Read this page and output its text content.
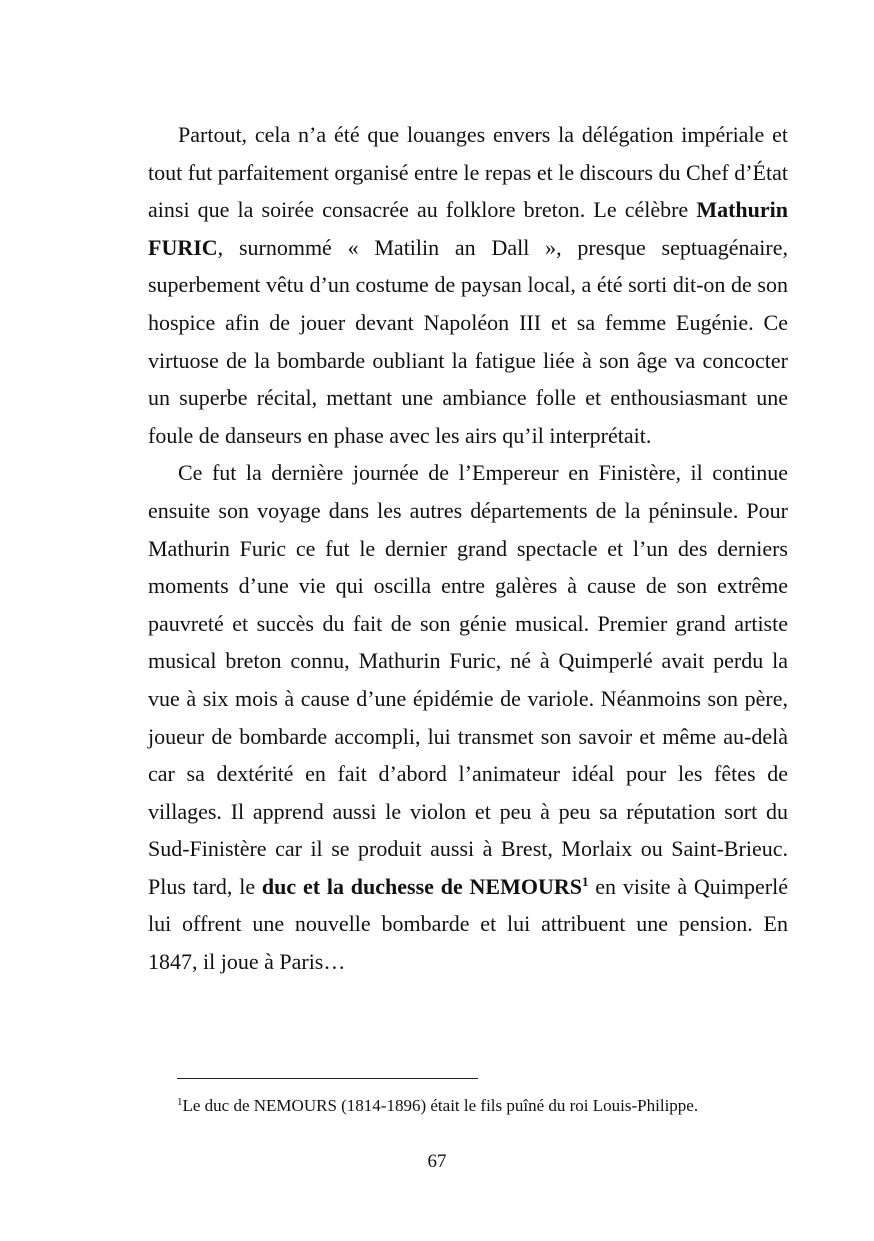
Partout, cela n’a été que louanges envers la délégation impériale et tout fut parfaitement organisé entre le repas et le discours du Chef d’État ainsi que la soirée consacrée au folklore breton. Le célèbre Mathurin FURIC, surnommé « Matilin an Dall », presque septuagénaire, superbement vêtu d’un costume de paysan local, a été sorti dit-on de son hospice afin de jouer devant Napoléon III et sa femme Eugénie. Ce virtuose de la bombarde oubliant la fatigue liée à son âge va concocter un superbe récital, mettant une ambiance folle et enthousiasmant une foule de danseurs en phase avec les airs qu’il interprétait.

Ce fut la dernière journée de l’Empereur en Finistère, il continue ensuite son voyage dans les autres départements de la péninsule. Pour Mathurin Furic ce fut le dernier grand spectacle et l’un des derniers moments d’une vie qui oscilla entre galères à cause de son extrême pauvreté et succès du fait de son génie musical. Premier grand artiste musical breton connu, Mathurin Furic, né à Quimperlé avait perdu la vue à six mois à cause d’une épidémie de variole. Néanmoins son père, joueur de bombarde accompli, lui transmet son savoir et même au-delà car sa dextérité en fait d’abord l’animateur idéal pour les fêtes de villages. Il apprend aussi le violon et peu à peu sa réputation sort du Sud-Finistère car il se produit aussi à Brest, Morlaix ou Saint-Brieuc. Plus tard, le duc et la duchesse de NEMOURS$^1$ en visite à Quimperlé lui offrent une nouvelle bombarde et lui attribuent une pension. En 1847, il joue à Paris…

$^1$Le duc de NEMOURS (1814-1896) était le fils puîné du roi Louis-Philippe.
67
